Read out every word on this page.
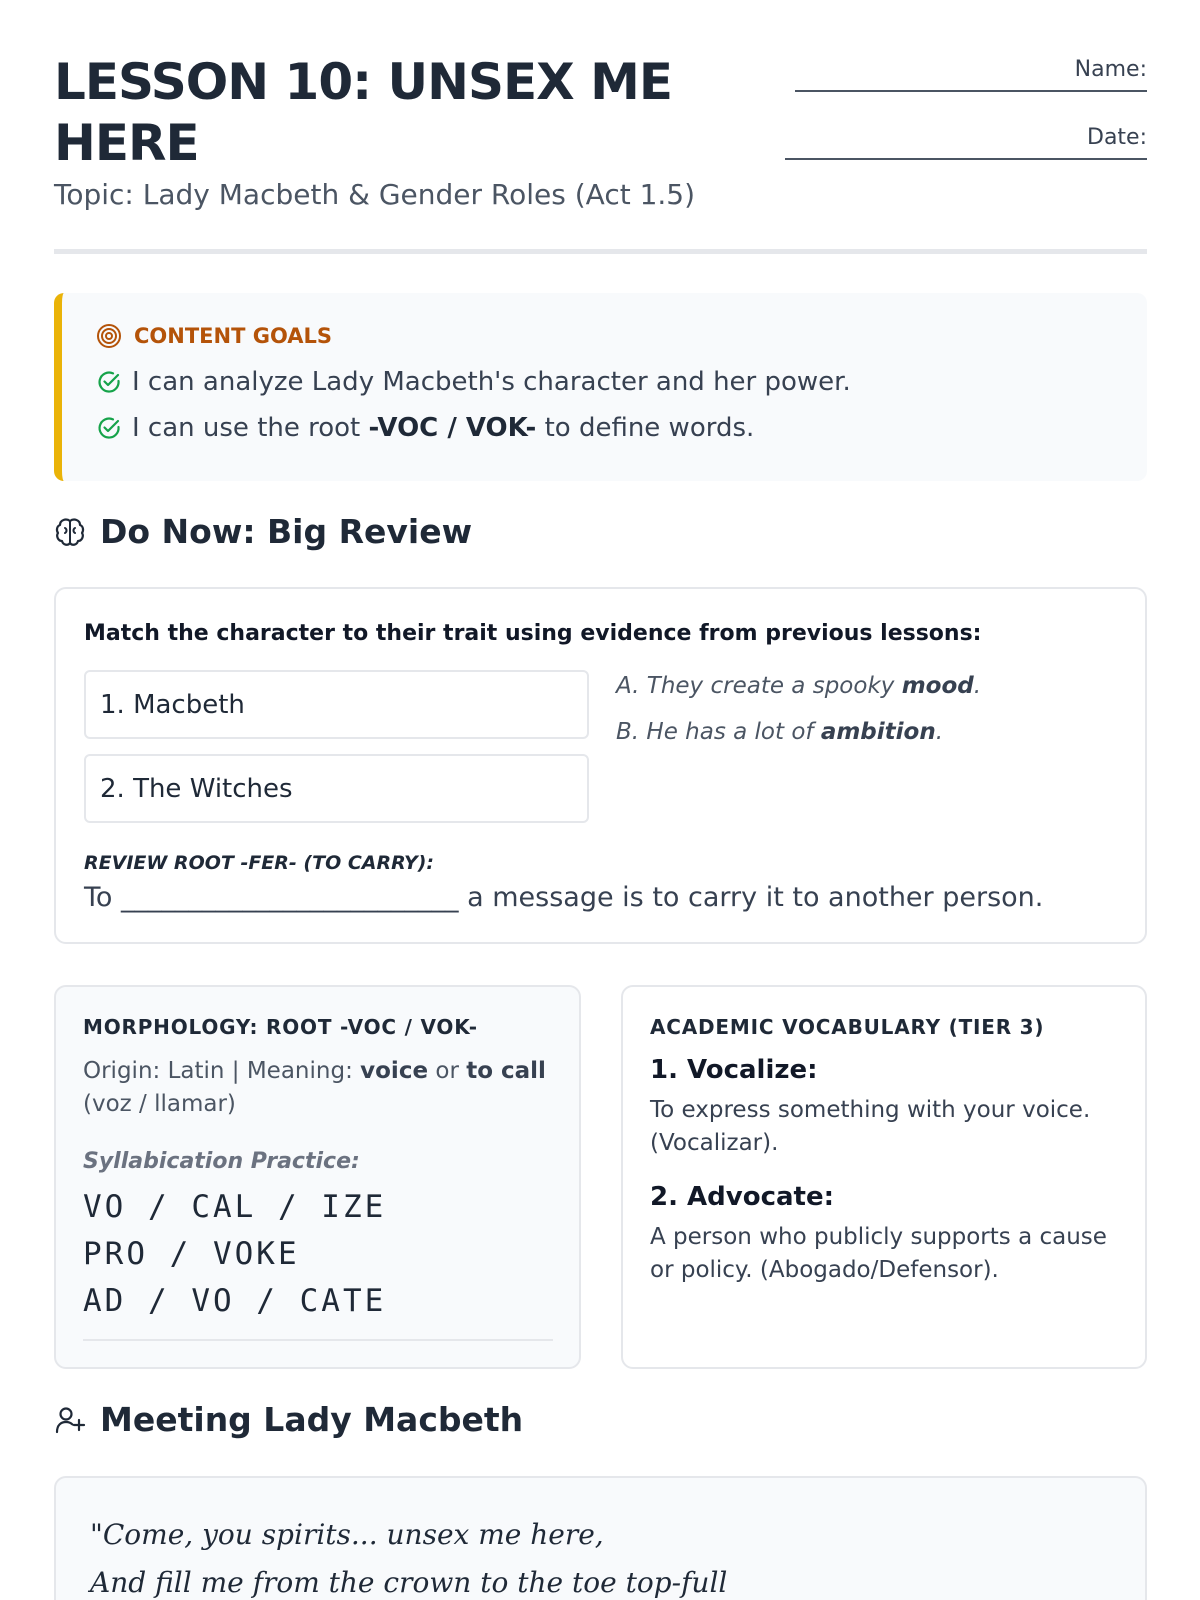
LESSON 10: UNSEX ME HERE
Topic: Lady Macbeth & Gender Roles (Act 1.5)
Name:
Date:
CONTENT GOALS
I can analyze Lady Macbeth's character and her power.
I can use the root -VOC / VOK- to define words.
Do Now: Big Review
Match the character to their trait using evidence from previous lessons:
1. Macbeth
2. The Witches
A. They create a spooky mood.
B. He has a lot of ambition.
REVIEW ROOT -FER- (TO CARRY):
To _________________________ a message is to carry it to another person.
MORPHOLOGY: ROOT -VOC / VOK-
Origin: Latin | Meaning: voice or to call
(voz / llamar)
Syllabication Practice:
VO / CAL / IZE
PRO / VOKE
AD / VO / CATE
ACADEMIC VOCABULARY (TIER 3)
1. Vocalize:
To express something with your voice. (Vocalizar).
2. Advocate:
A person who publicly supports a cause or policy. (Abogado/Defensor).
Meeting Lady Macbeth
"Come, you spirits... unsex me here,
And fill me from the crown to the toe top-full
